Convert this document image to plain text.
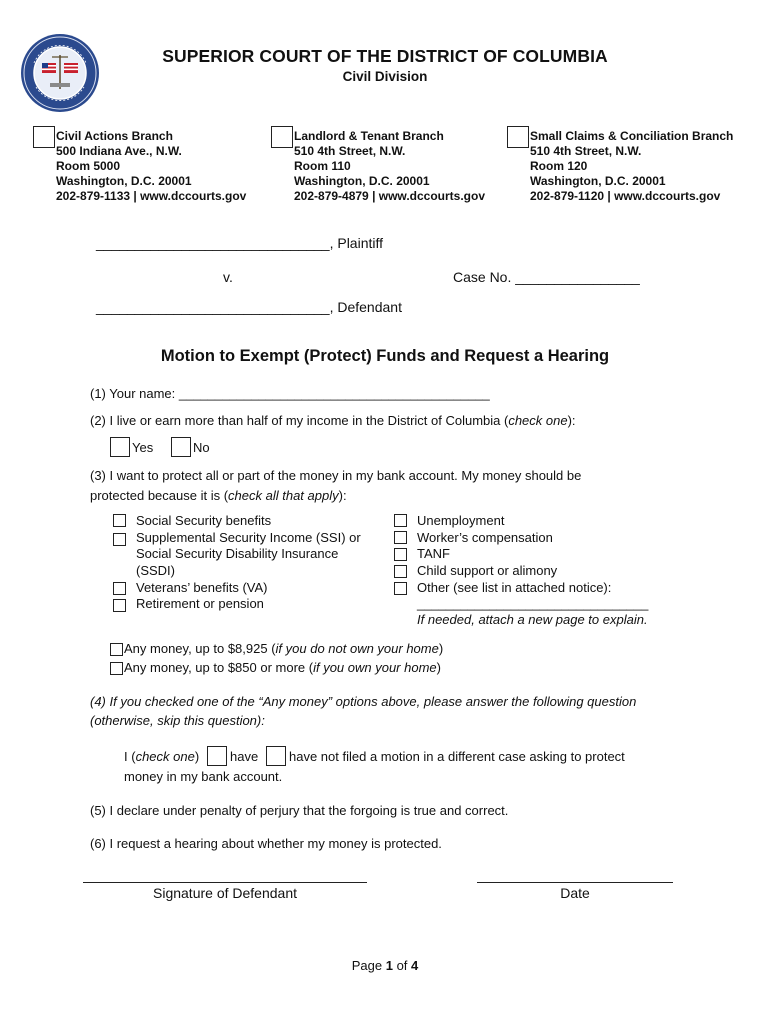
SUPERIOR COURT OF THE DISTRICT OF COLUMBIA
Civil Division
Civil Actions Branch
500 Indiana Ave., N.W.
Room 5000
Washington, D.C. 20001
202-879-1133 | www.dccourts.gov
Landlord & Tenant Branch
510 4th Street, N.W.
Room 110
Washington, D.C. 20001
202-879-4879 | www.dccourts.gov
Small Claims & Conciliation Branch
510 4th Street, N.W.
Room 120
Washington, D.C. 20001
202-879-1120 | www.dccourts.gov
______________________________, Plaintiff
v.	Case No. ________________
______________________________, Defendant
Motion to Exempt (Protect) Funds and Request a Hearing
(1) Your name: ___________________________________________
(2) I live or earn more than half of my income in the District of Columbia (check one):
Yes	No
(3) I want to protect all or part of the money in my bank account. My money should be
protected because it is (check all that apply):
Social Security benefits
Supplemental Security Income (SSI) or
Social Security Disability Insurance
(SSDI)
Veterans’ benefits (VA)
Retirement or pension
Unemployment
Worker’s compensation
TANF
Child support or alimony
Other (see list in attached notice):
________________________________
If needed, attach a new page to explain.
Any money, up to $8,925 (if you do not own your home)
Any money, up to $850 or more (if you own your home)
(4) If you checked one of the “Any money” options above, please answer the following question
(otherwise, skip this question):
I (check one) have have not filed a motion in a different case asking to protect
money in my bank account.
(5) I declare under penalty of perjury that the forgoing is true and correct.
(6) I request a hearing about whether my money is protected.
Signature of Defendant	Date
Page 1 of 4
